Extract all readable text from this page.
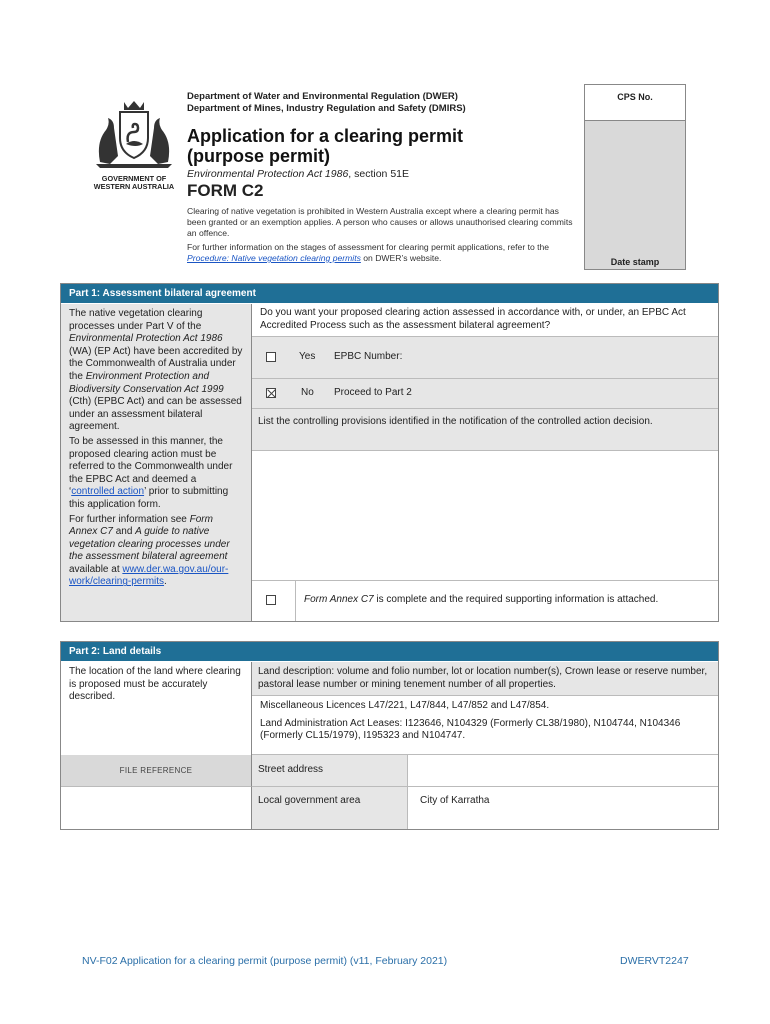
GOVERNMENT OF
WESTERN AUSTRALIA
Department of Water and Environmental Regulation (DWER)
Department of Mines, Industry Regulation and Safety (DMIRS)
Application for a clearing permit
(purpose permit)
Environmental Protection Act 1986, section 51E
FORM C2

Clearing of native vegetation is prohibited in Western Australia except where a clearing permit has been granted or an exemption applies. A person who causes or allows unauthorised clearing commits an offence.

For further information on the stages of assessment for clearing permit applications, refer to the Procedure: Native vegetation clearing permits on DWER’s website.

CPS No.
Date stamp
Part 1: Assessment bilateral agreement

The native vegetation clearing processes under Part V of the Environmental Protection Act 1986 (WA) (EP Act) have been accredited by the Commonwealth of Australia under the Environment Protection and Biodiversity Conservation Act 1999 (Cth) (EPBC Act) and can be assessed under an assessment bilateral agreement.

To be assessed in this manner, the proposed clearing action must be referred to the Commonwealth under the EPBC Act and deemed a ‘controlled action’ prior to submitting this application form.

For further information see Form Annex C7 and A guide to native vegetation clearing processes under the assessment bilateral agreement available at www.der.wa.gov.au/our-work/clearing-permits.

Do you want your proposed clearing action assessed in accordance with, or under, an EPBC Act Accredited Process such as the assessment bilateral agreement?
Yes EPBC Number:
No Proceed to Part 2
List the controlling provisions identified in the notification of the controlled action decision.
Form Annex C7 is complete and the required supporting information is attached.
Part 2: Land details
The location of the land where clearing is proposed must be accurately described.
Land description: volume and folio number, lot or location number(s), Crown lease or reserve number, pastoral lease number or mining tenement number of all properties.
Miscellaneous Licences L47/221, L47/844, L47/852 and L47/854.
Land Administration Act Leases: I123646, N104329 (Formerly CL38/1980), N104744, N104346 (Formerly CL15/1979), I195323 and N104747.
FILE REFERENCE	Street address
Local government area	City of Karratha
NV-F02 Application for a clearing permit (purpose permit) (v11, February 2021)	DWERVT2247
